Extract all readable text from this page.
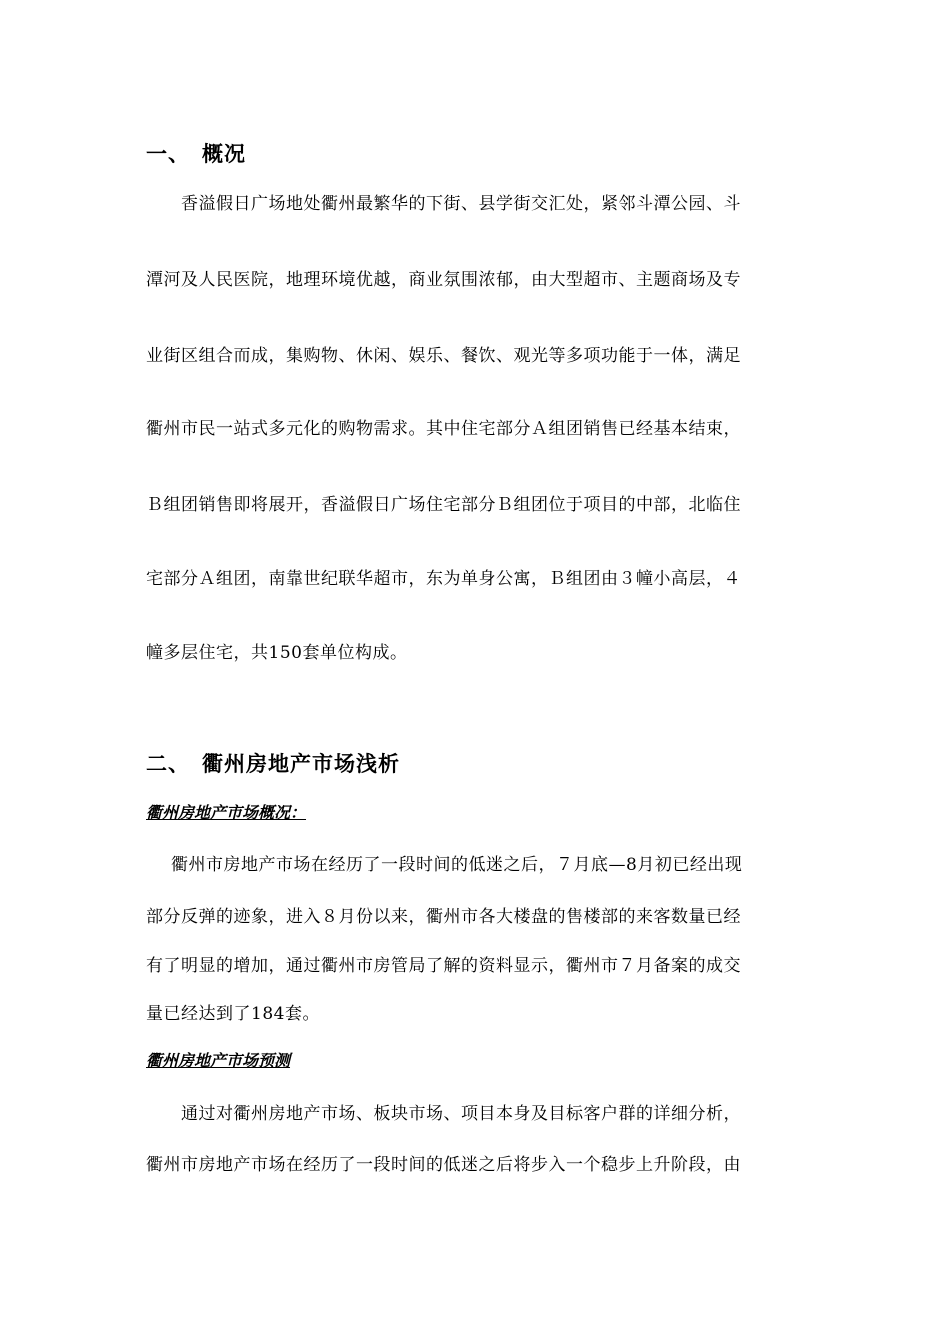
一、 概况
香溢假日广场地处衢州最繁华的下街、县学街交汇处，紧邻斗潭公园、斗
潭河及人民医院，地理环境优越，商业氛围浓郁，由大型超市、主题商场及专
业街区组合而成，集购物、休闲、娱乐、餐饮、观光等多项功能于一体，满足
衢州市民一站式多元化的购物需求。其中住宅部分Ａ组团销售已经基本结束，
Ｂ组团销售即将展开，香溢假日广场住宅部分Ｂ组团位于项目的中部，北临住
宅部分Ａ组团，南靠世纪联华超市，东为单身公寓，Ｂ组团由３幢小高层，４
幢多层住宅，共150套单位构成。
二、 衢州房地产市场浅析
衢州房地产市场概况：
衢州市房地产市场在经历了一段时间的低迷之后，７月底—8月初已经出现
部分反弹的迹象，进入８月份以来，衢州市各大楼盘的售楼部的来客数量已经
有了明显的增加，通过衢州市房管局了解的资料显示，衢州市７月备案的成交
量已经达到了184套。
衢州房地产市场预测
通过对衢州房地产市场、板块市场、项目本身及目标客户群的详细分析，
衢州市房地产市场在经历了一段时间的低迷之后将步入一个稳步上升阶段，由
